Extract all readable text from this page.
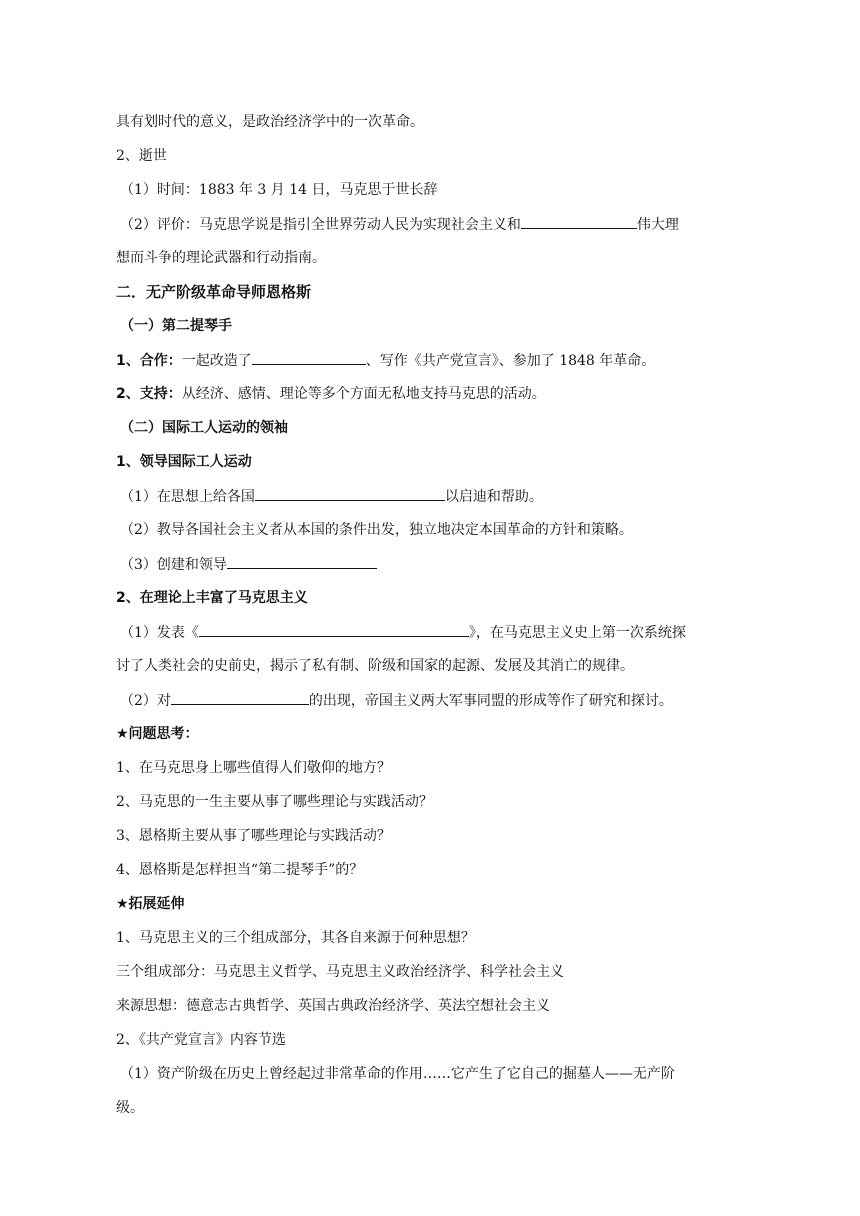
具有划时代的意义，是政治经济学中的一次革命。
2、逝世
（1）时间：1883 年 3 月 14 日，马克思于世长辞
（2）评价：马克思学说是指引全世界劳动人民为实现社会主义和	伟大理
想而斗争的理论武器和行动指南。
二．无产阶级革命导师恩格斯
（一）第二提琴手
1、合作：一起改造了	、写作《共产党宣言》、参加了 1848 年革命。
2、支持：从经济、感情、理论等多个方面无私地支持马克思的活动。
（二）国际工人运动的领袖
1、领导国际工人运动
（1）在思想上给各国	以启迪和帮助。
（2）教导各国社会主义者从本国的条件出发，独立地决定本国革命的方针和策略。
（3）创建和领导
2、在理论上丰富了马克思主义
（1）发表《	》，在马克思主义史上第一次系统探
讨了人类社会的史前史，揭示了私有制、阶级和国家的起源、发展及其消亡的规律。
（2）对	的出现，帝国主义两大军事同盟的形成等作了研究和探讨。
★问题思考：
1、在马克思身上哪些值得人们敬仰的地方？
2、马克思的一生主要从事了哪些理论与实践活动？
3、恩格斯主要从事了哪些理论与实践活动？
4、恩格斯是怎样担当“第二提琴手”的？
★拓展延伸
1、马克思主义的三个组成部分，其各自来源于何种思想？
三个组成部分：马克思主义哲学、马克思主义政治经济学、科学社会主义
来源思想：德意志古典哲学、英国古典政治经济学、英法空想社会主义
2、《共产党宣言》内容节选
（1）资产阶级在历史上曾经起过非常革命的作用……它产生了它自己的掘墓人——无产阶
级。
